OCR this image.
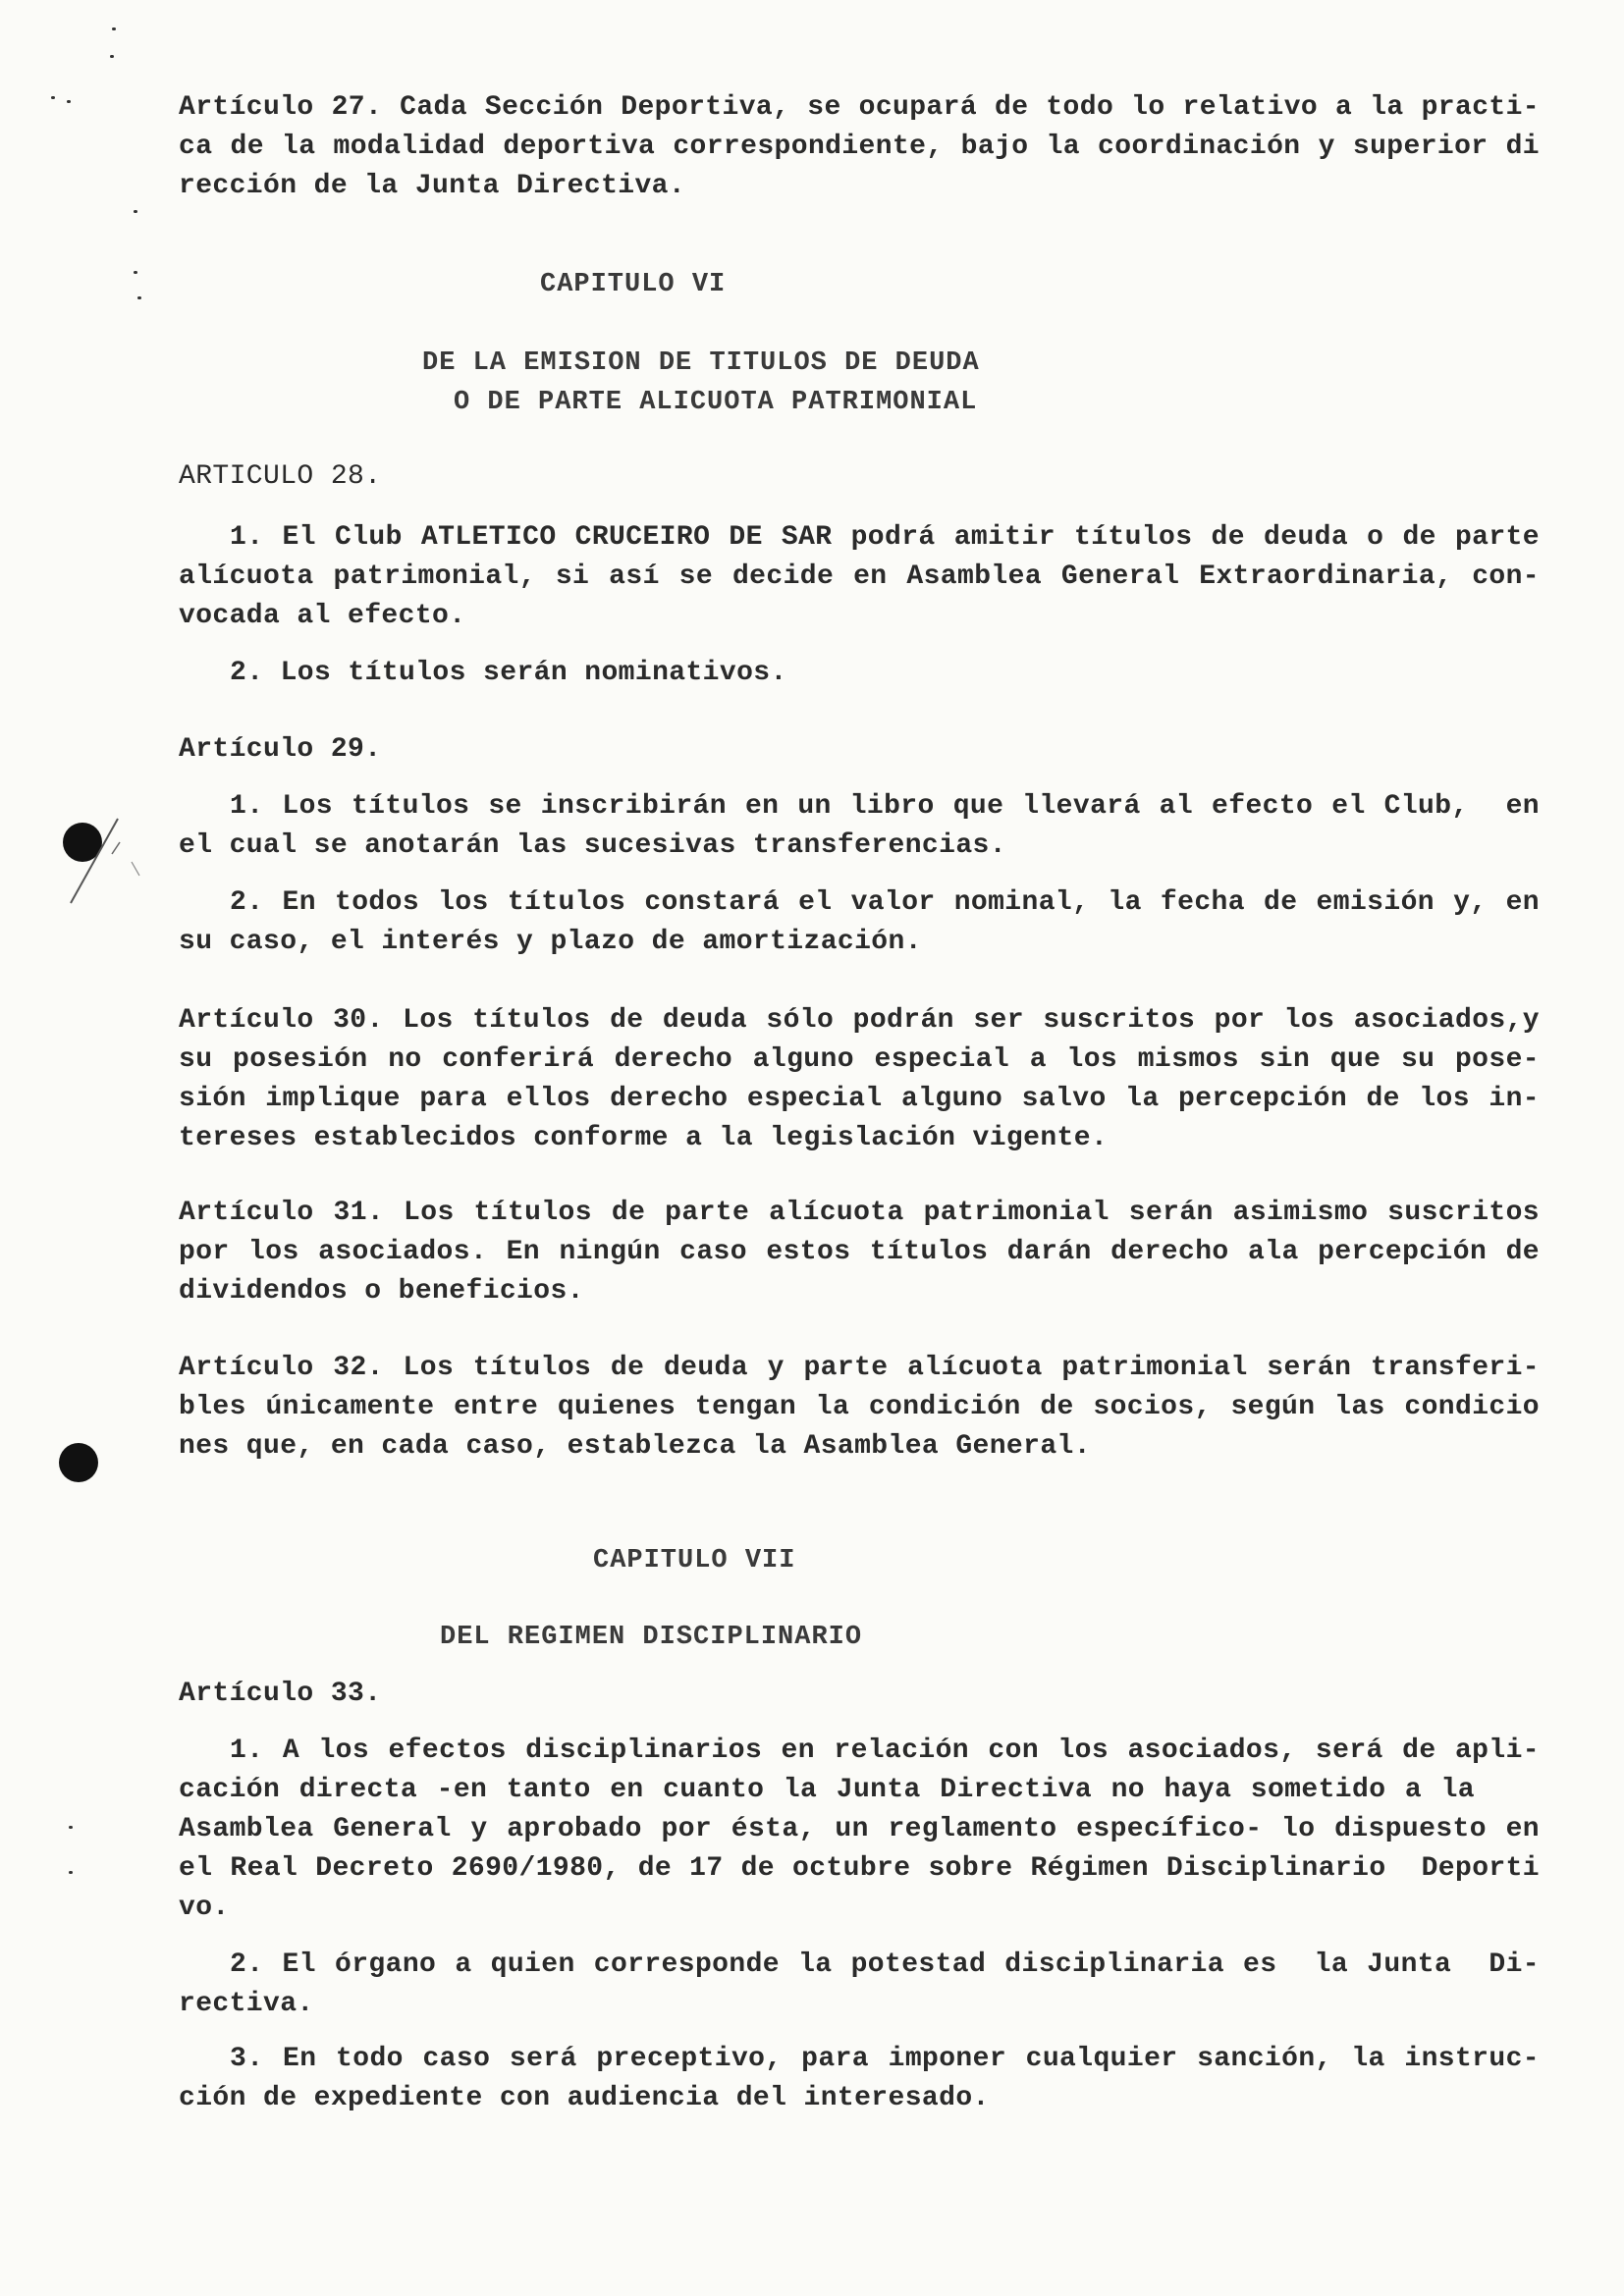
Artículo 27. Cada Sección Deportiva, se ocupará de todo lo relativo a la practi-
ca de la modalidad deportiva correspondiente, bajo la coordinación y superior di
rección de la Junta Directiva.
CAPITULO VI
DE LA EMISION DE TITULOS DE DEUDA
O DE PARTE ALICUOTA PATRIMONIAL
ARTICULO 28.
1. El Club ATLETICO CRUCEIRO DE SAR podrá amitir títulos de deuda o de parte
alícuota patrimonial, si así se decide en Asamblea General Extraordinaria, con-
vocada al efecto.
2. Los títulos serán nominativos.
Artículo 29.
1. Los títulos se inscribirán en un libro que llevará al efecto el Club,  en
el cual se anotarán las sucesivas transferencias.
2. En todos los títulos constará el valor nominal, la fecha de emisión y, en
su caso, el interés y plazo de amortización.
Artículo 30. Los títulos de deuda sólo podrán ser suscritos por los asociados,y
su posesión no conferirá derecho alguno especial a los mismos sin que su pose-
sión implique para ellos derecho especial alguno salvo la percepción de los in-
tereses establecidos conforme a la legislación vigente.
Artículo 31. Los títulos de parte alícuota patrimonial serán asimismo suscritos
por los asociados. En ningún caso estos títulos darán derecho ala percepción de
dividendos o beneficios.
Artículo 32. Los títulos de deuda y parte alícuota patrimonial serán transferi-
bles únicamente entre quienes tengan la condición de socios, según las condicio
nes que, en cada caso, establezca la Asamblea General.
CAPITULO VII
DEL REGIMEN DISCIPLINARIO
Artículo 33.
1. A los efectos disciplinarios en relación con los asociados, será de apli-
cación directa -en tanto en cuanto la Junta Directiva no haya sometido a la
Asamblea General y aprobado por ésta, un reglamento específico- lo dispuesto en
el Real Decreto 2690/1980, de 17 de octubre sobre Régimen Disciplinario  Deporti
vo.
2. El órgano a quien corresponde la potestad disciplinaria es  la Junta  Di-
rectiva.
3. En todo caso será preceptivo, para imponer cualquier sanción, la instruc-
ción de expediente con audiencia del interesado.
